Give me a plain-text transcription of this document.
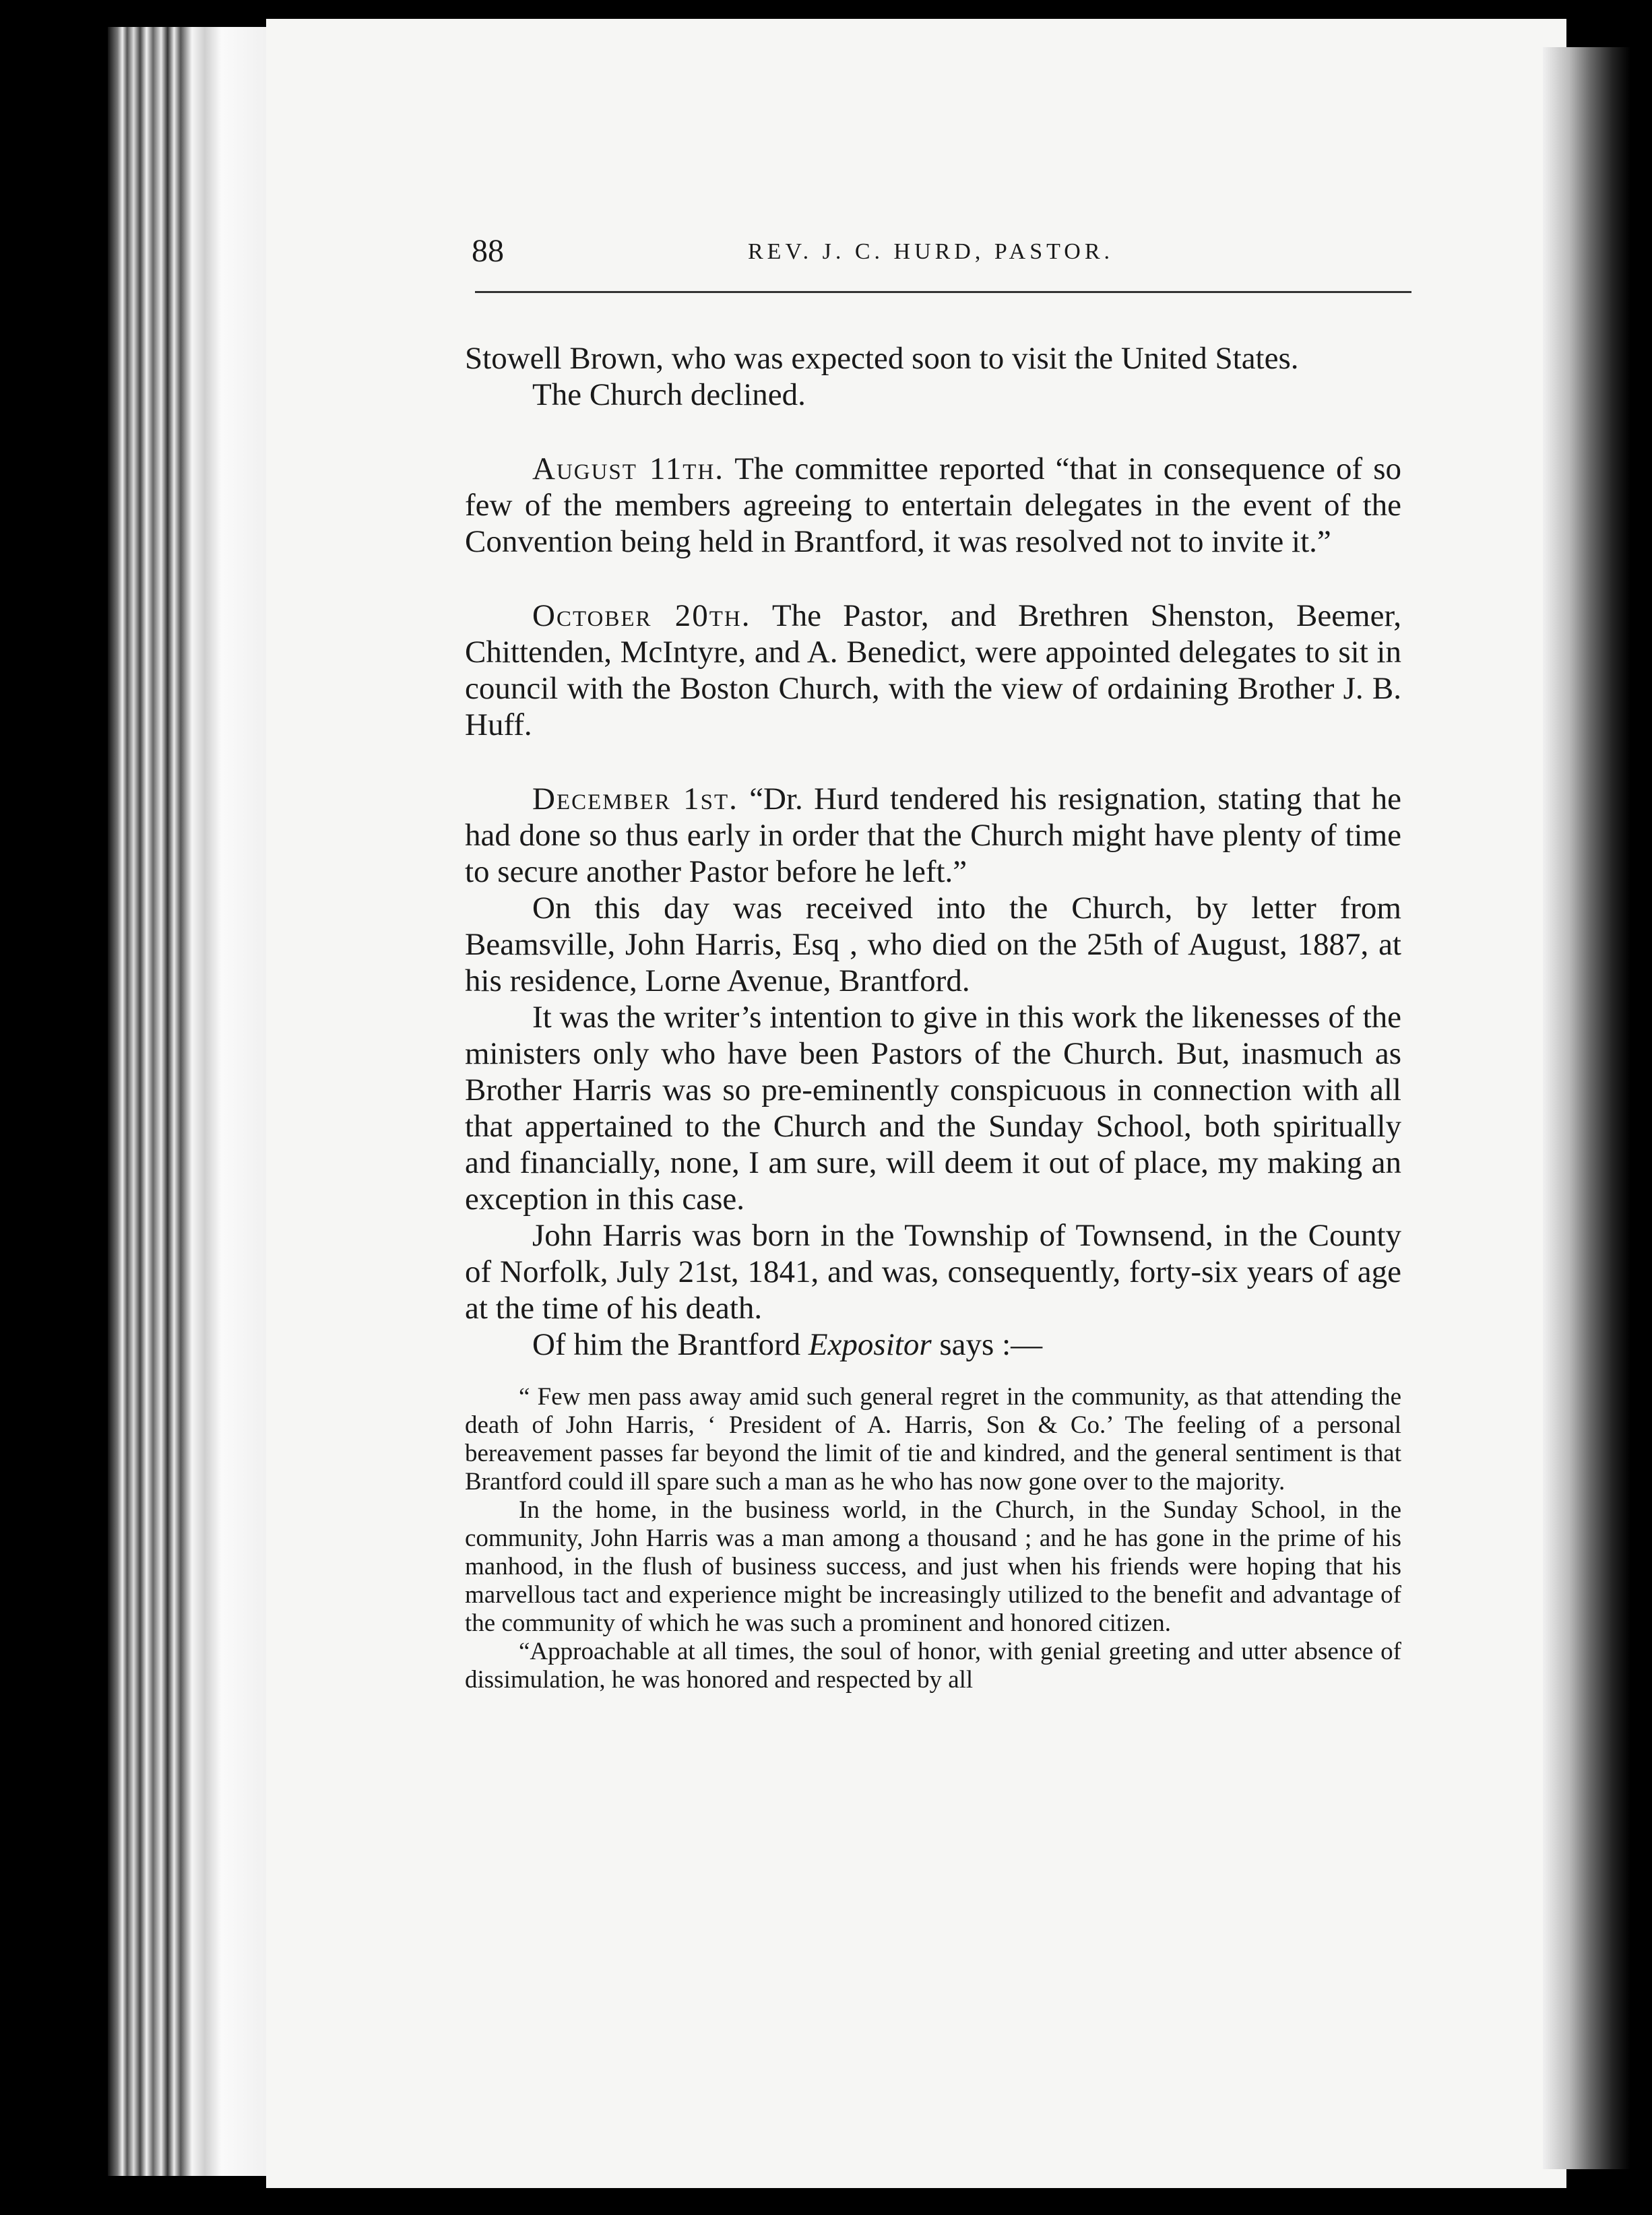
88	REV. J. C. HURD, PASTOR.

Stowell Brown, who was expected soon to visit the United States.

The Church declined.

August 11th. The committee reported “that in consequence of so few of the members agreeing to entertain delegates in the event of the Convention being held in Brantford, it was resolved not to invite it.”

October 20th. The Pastor, and Brethren Shenston, Beemer, Chittenden, McIntyre, and A. Benedict, were appointed delegates to sit in council with the Boston Church, with the view of ordaining Brother J. B. Huff.

December 1st. “Dr. Hurd tendered his resignation, stating that he had done so thus early in order that the Church might have plenty of time to secure another Pastor before he left.”

On this day was received into the Church, by letter from Beamsville, John Harris, Esq , who died on the 25th of August, 1887, at his residence, Lorne Avenue, Brantford.

It was the writer’s intention to give in this work the likenesses of the ministers only who have been Pastors of the Church. But, inasmuch as Brother Harris was so pre-eminently conspicuous in connection with all that appertained to the Church and the Sunday School, both spiritually and financially, none, I am sure, will deem it out of place, my making an exception in this case.

John Harris was born in the Township of Townsend, in the County of Norfolk, July 21st, 1841, and was, consequently, forty-six years of age at the time of his death.

Of him the Brantford Expositor says :—

“ Few men pass away amid such general regret in the community, as that attending the death of John Harris, ‘ President of A. Harris, Son & Co.’ The feeling of a personal bereavement passes far beyond the limit of tie and kindred, and the general sentiment is that Brantford could ill spare such a man as he who has now gone over to the majority.

In the home, in the business world, in the Church, in the Sunday School, in the community, John Harris was a man among a thousand ; and he has gone in the prime of his manhood, in the flush of business success, and just when his friends were hoping that his marvellous tact and experience might be increasingly utilized to the benefit and advantage of the community of which he was such a prominent and honored citizen.

“Approachable at all times, the soul of honor, with genial greeting and utter absence of dissimulation, he was honored and respected by all
